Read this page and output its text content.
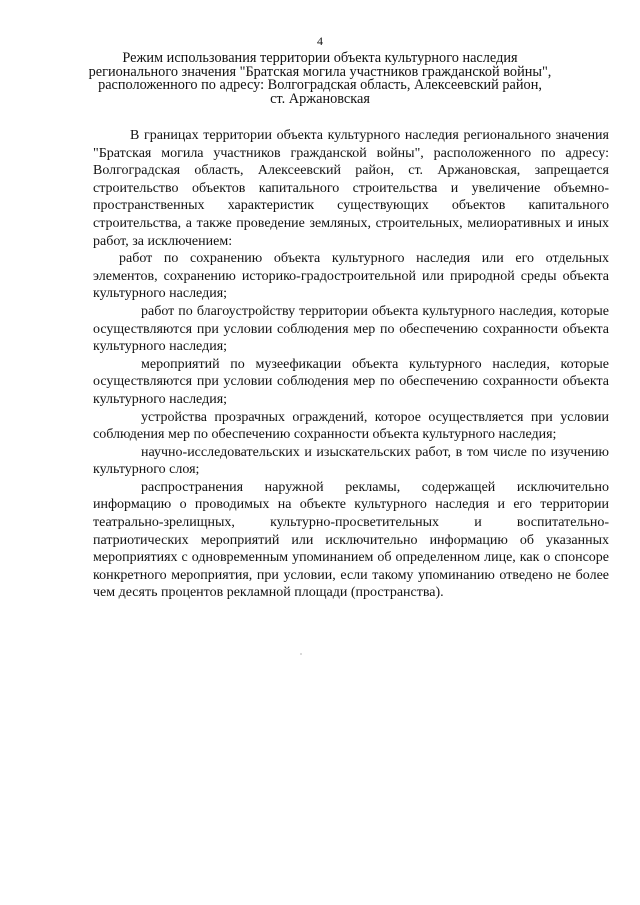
4
Режим использования территории объекта культурного наследия
регионального значения "Братская могила участников гражданской войны",
расположенного по адресу: Волгоградская область, Алексеевский район,
ст. Аржановская

В границах территории объекта культурного наследия регионального значения "Братская могила участников гражданской войны", расположенного по адресу: Волгоградская область, Алексеевский район, ст. Аржановская, запрещается строительство объектов капитального строительства и увеличение объемно-пространственных характеристик существующих объектов капитального строительства, а также проведение земляных, строительных, мелиоративных и иных работ, за исключением:

работ по сохранению объекта культурного наследия или его отдельных элементов, сохранению историко-градостроительной или природной среды объекта культурного наследия;

работ по благоустройству территории объекта культурного наследия, которые осуществляются при условии соблюдения мер по обеспечению сохранности объекта культурного наследия;

мероприятий по музеефикации объекта культурного наследия, которые осуществляются при условии соблюдения мер по обеспечению сохранности объекта культурного наследия;

устройства прозрачных ограждений, которое осуществляется при условии соблюдения мер по обеспечению сохранности объекта культурного наследия;

научно-исследовательских и изыскательских работ, в том числе по изучению культурного слоя;

распространения наружной рекламы, содержащей исключительно информацию о проводимых на объекте культурного наследия и его территории театрально-зрелищных, культурно-просветительных и воспитательно-патриотических мероприятий или исключительно информацию об указанных мероприятиях с одновременным упоминанием об определенном лице, как о спонсоре конкретного мероприятия, при условии, если такому упоминанию отведено не более чем десять процентов рекламной площади (пространства).
